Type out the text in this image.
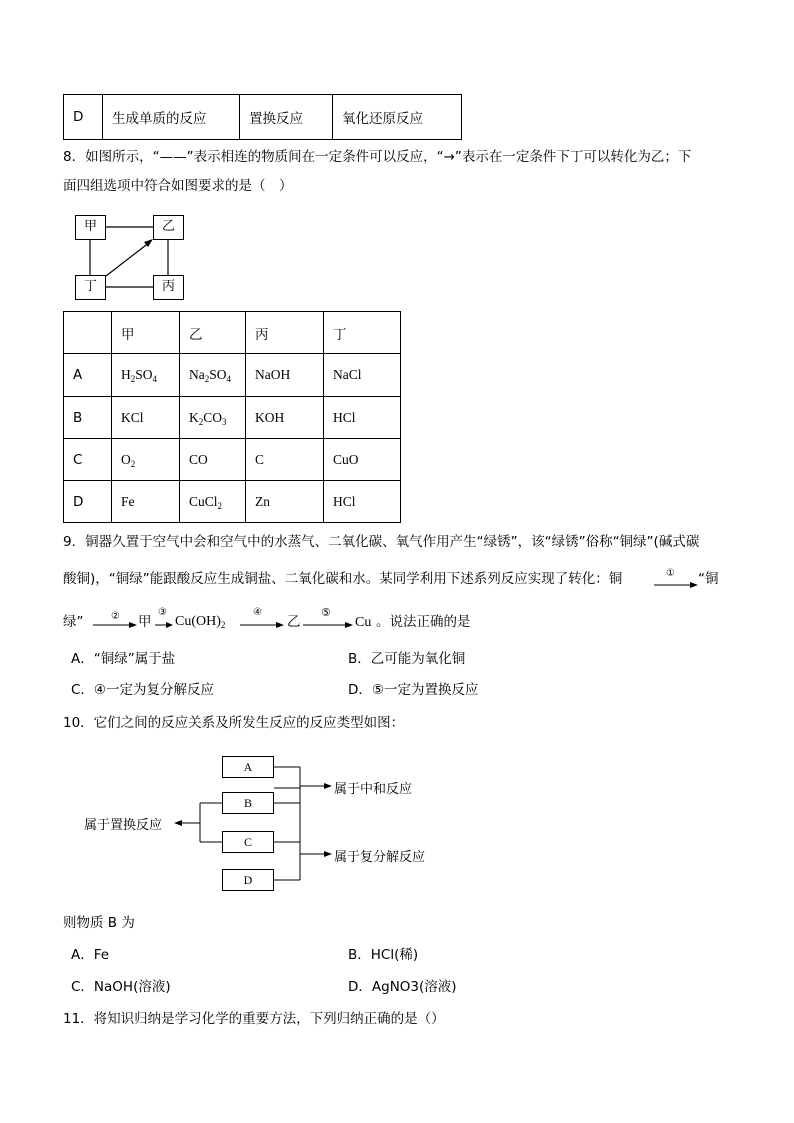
D	生成单质的反应	置换反应	氧化还原反应
8．如图所示，“——”表示相连的物质间在一定条件可以反应，“→”表示在一定条件下丁可以转化为乙；下
面四组选项中符合如图要求的是（　）
甲	乙
丁	丙
	甲	乙	丙	丁
A	$H_2SO_4$	$Na_2SO_4$	NaOH	NaCl
B	KCl	$K_2CO_3$	KOH	HCl
C	$O_2$	CO	C	CuO
D	Fe	CuCl$_2$	Zn	HCl
9．铜器久置于空气中会和空气中的水蒸气、二氧化碳、氧气作用产生“绿锈”，该“绿锈”俗称“铜绿”(碱式碳
酸铜)，“铜绿”能跟酸反应生成铜盐、二氧化碳和水。某同学利用下述系列反应实现了转化：铜	① “铜
绿” →
② 甲 →
③
$Cu(OH)_2$ →
④
乙 →
⑤
Cu 。说法正确的是
A．“铜绿”属于盐	B．乙可能为氧化铜
C．④一定为复分解反应	D．⑤一定为置换反应
10．它们之间的反应关系及所发生反应的反应类型如图：
A
B
C
D
属于中和反应
属于置换反应
属于复分解反应
则物质 B 为
A．Fe	B．HCl(稀)
C．NaOH(溶液)	D．AgNO3(溶液)
11．将知识归纳是学习化学的重要方法，下列归纳正确的是（）
